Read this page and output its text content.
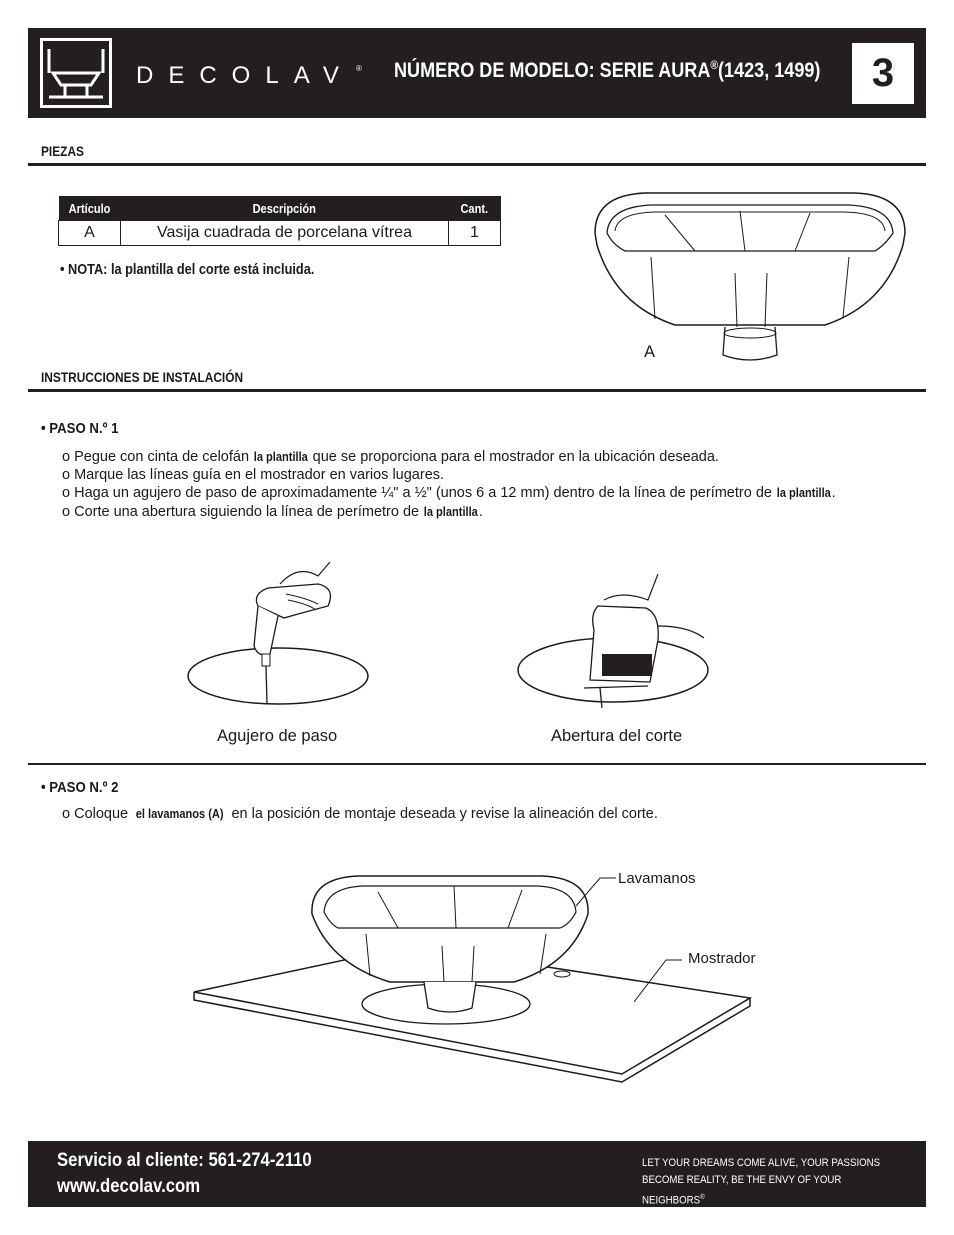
DECOLAV ® NÚMERO DE MODELO: SERIE AURA®(1423, 1499)	3
PIEZAS
Artículo	Descripción	Cant.
A	Vasija cuadrada de porcelana vítrea	1
• NOTA: la plantilla del corte está incluida.
A
INSTRUCCIONES DE INSTALACIÓN
• PASO N.º 1
o Pegue con cinta de celofán la plantilla que se proporciona para el mostrador en la ubicación deseada.
o Marque las líneas guía en el mostrador en varios lugares.
o Haga un agujero de paso de aproximadamente ¼" a ½" (unos 6 a 12 mm) dentro de la línea de perímetro de la plantilla.
o Corte una abertura siguiendo la línea de perímetro de la plantilla.
Agujero de paso	Abertura del corte
• PASO N.º 2
o Coloque el lavamanos (A) en la posición de montaje deseada y revise la alineación del corte.
Lavamanos
Mostrador
Servicio al cliente: 561-274-2110
www.decolav.com
LET YOUR DREAMS COME ALIVE, YOUR PASSIONS BECOME REALITY, BE THE ENVY OF YOUR NEIGHBORS®
